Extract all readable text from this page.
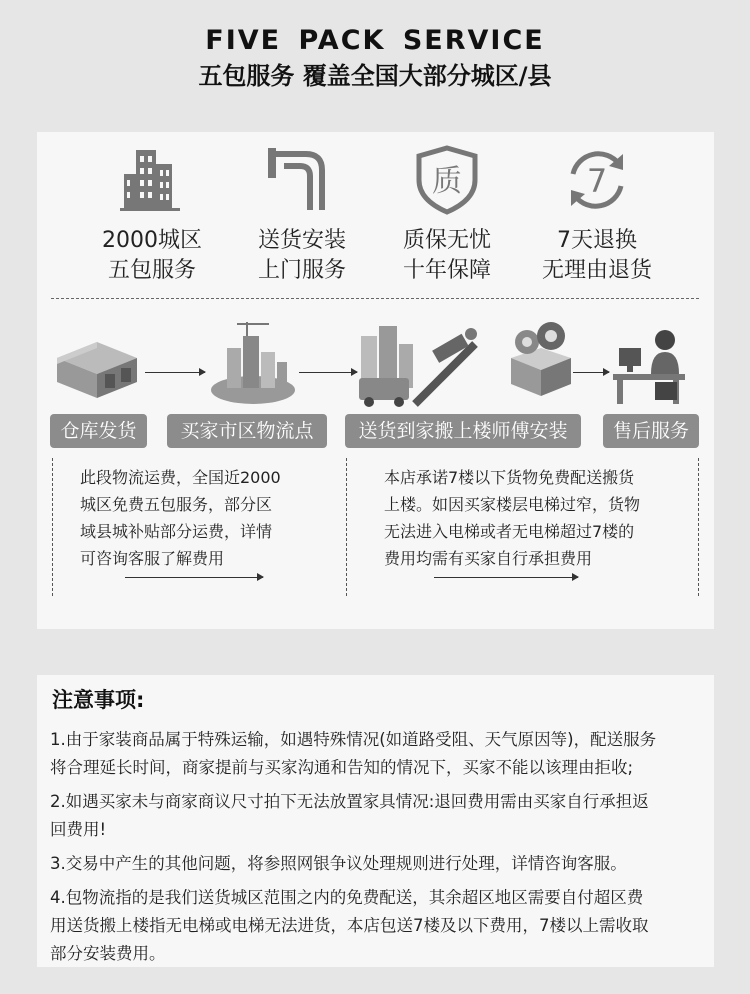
FIVE PACK SERVICE
五包服务 覆盖全国大部分城区/县
2000城区
五包服务
送货安装
上门服务
质
质保无忧
十年保障
7
7天退换
无理由退货
仓库发货	买家市区物流点	送货到家搬上楼师傅安装	售后服务
此段物流运费，全国近2000
城区免费五包服务，部分区
域县城补贴部分运费，详情
可咨询客服了解费用
本店承诺7楼以下货物免费配送搬货
上楼。如因买家楼层电梯过窄，货物
无法进入电梯或者无电梯超过7楼的
费用均需有买家自行承担费用
注意事项:
1.由于家装商品属于特殊运输，如遇特殊情况(如道路受阻、天气原因等)，配送服务
将合理延长时间，商家提前与买家沟通和告知的情况下，买家不能以该理由拒收;
2.如遇买家未与商家商议尺寸拍下无法放置家具情况:退回费用需由买家自行承担返
回费用!
3.交易中产生的其他问题，将参照网银争议处理规则进行处理，详情咨询客服。
4.包物流指的是我们送货城区范围之内的免费配送，其余超区地区需要自付超区费
用送货搬上楼指无电梯或电梯无法进货，本店包送7楼及以下费用，7楼以上需收取
部分安装费用。
